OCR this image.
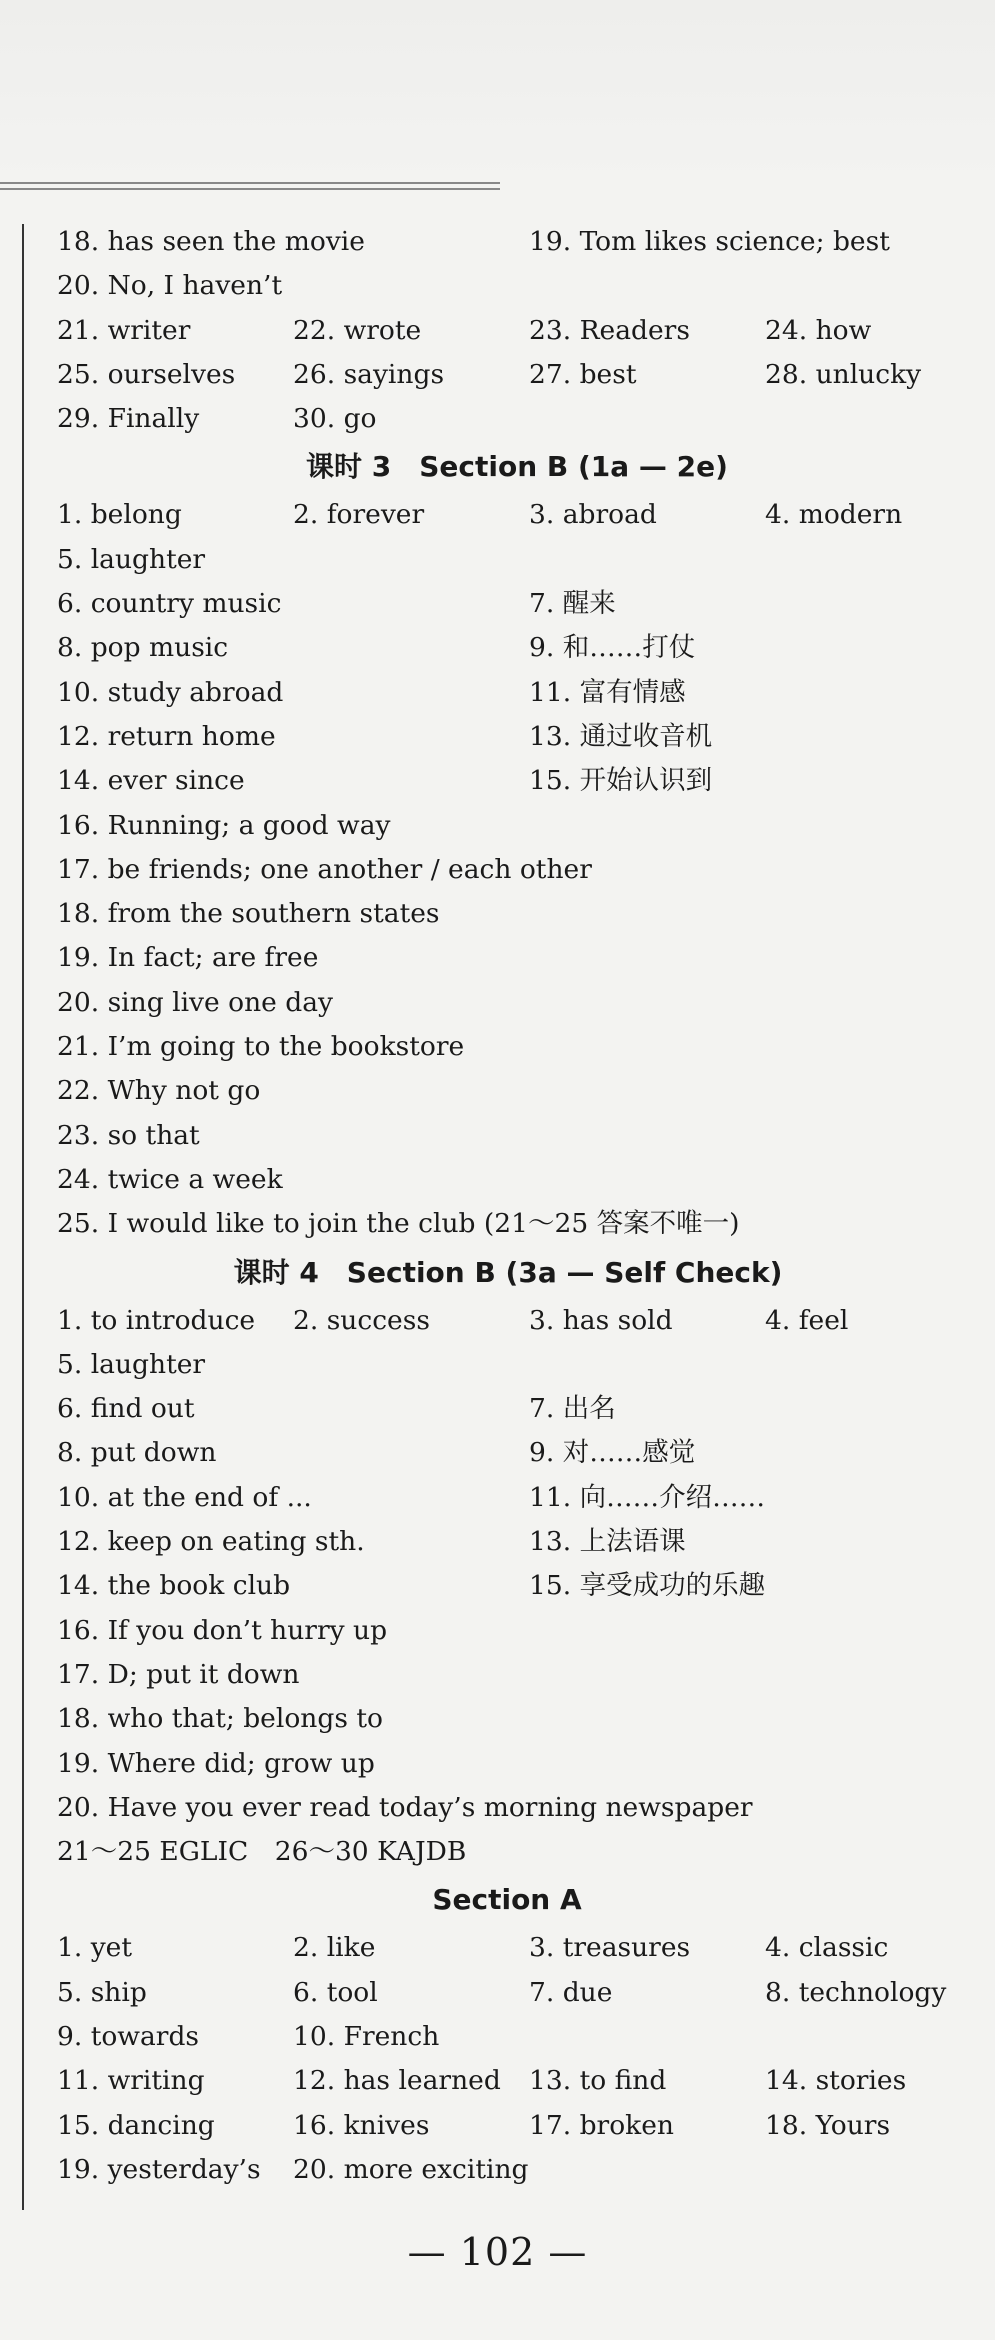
18. has seen the movie	19. Tom likes science; best
20. No, I haven’t
21. writer	22. wrote	23. Readers	24. how
25. ourselves 26. sayings	27. best	28. unlucky
29. Finally	30. go
课时 3　Section B (1a — 2e)
1. belong	2. forever	3. abroad	4. modern
5. laughter
6. country music	7. 醒来
8. pop music	9. 和……打仗
10. study abroad	11. 富有情感
12. return home	13. 通过收音机
14. ever since	15. 开始认识到
16. Running; a good way
17. be friends; one another / each other
18. from the southern states
19. In fact; are free
20. sing live one day
21. I’m going to the bookstore
22. Why not go
23. so that
24. twice a week
25. I would like to join the club (21～25 答案不唯一)
课时 4　Section B (3a — Self Check)
1. to introduce 2. success	3. has sold	4. feel
5. laughter
6. find out	7. 出名
8. put down	9. 对……感觉
10. at the end of ...	11. 向……介绍……
12. keep on eating sth.	13. 上法语课
14. the book club	15. 享受成功的乐趣
16. If you don’t hurry up
17. D; put it down
18. who that; belongs to
19. Where did; grow up
20. Have you ever read today’s morning newspaper
21～25 EGLIC　26～30 KAJDB
Section A
1. yet	2. like	3. treasures	4. classic
5. ship	6. tool	7. due	8. technology
9. towards	10. French
11. writing	12. has learned 13. to find	14. stories
15. dancing	16. knives	17. broken	18. Yours
19. yesterday’s 20. more exciting
— 102 —
